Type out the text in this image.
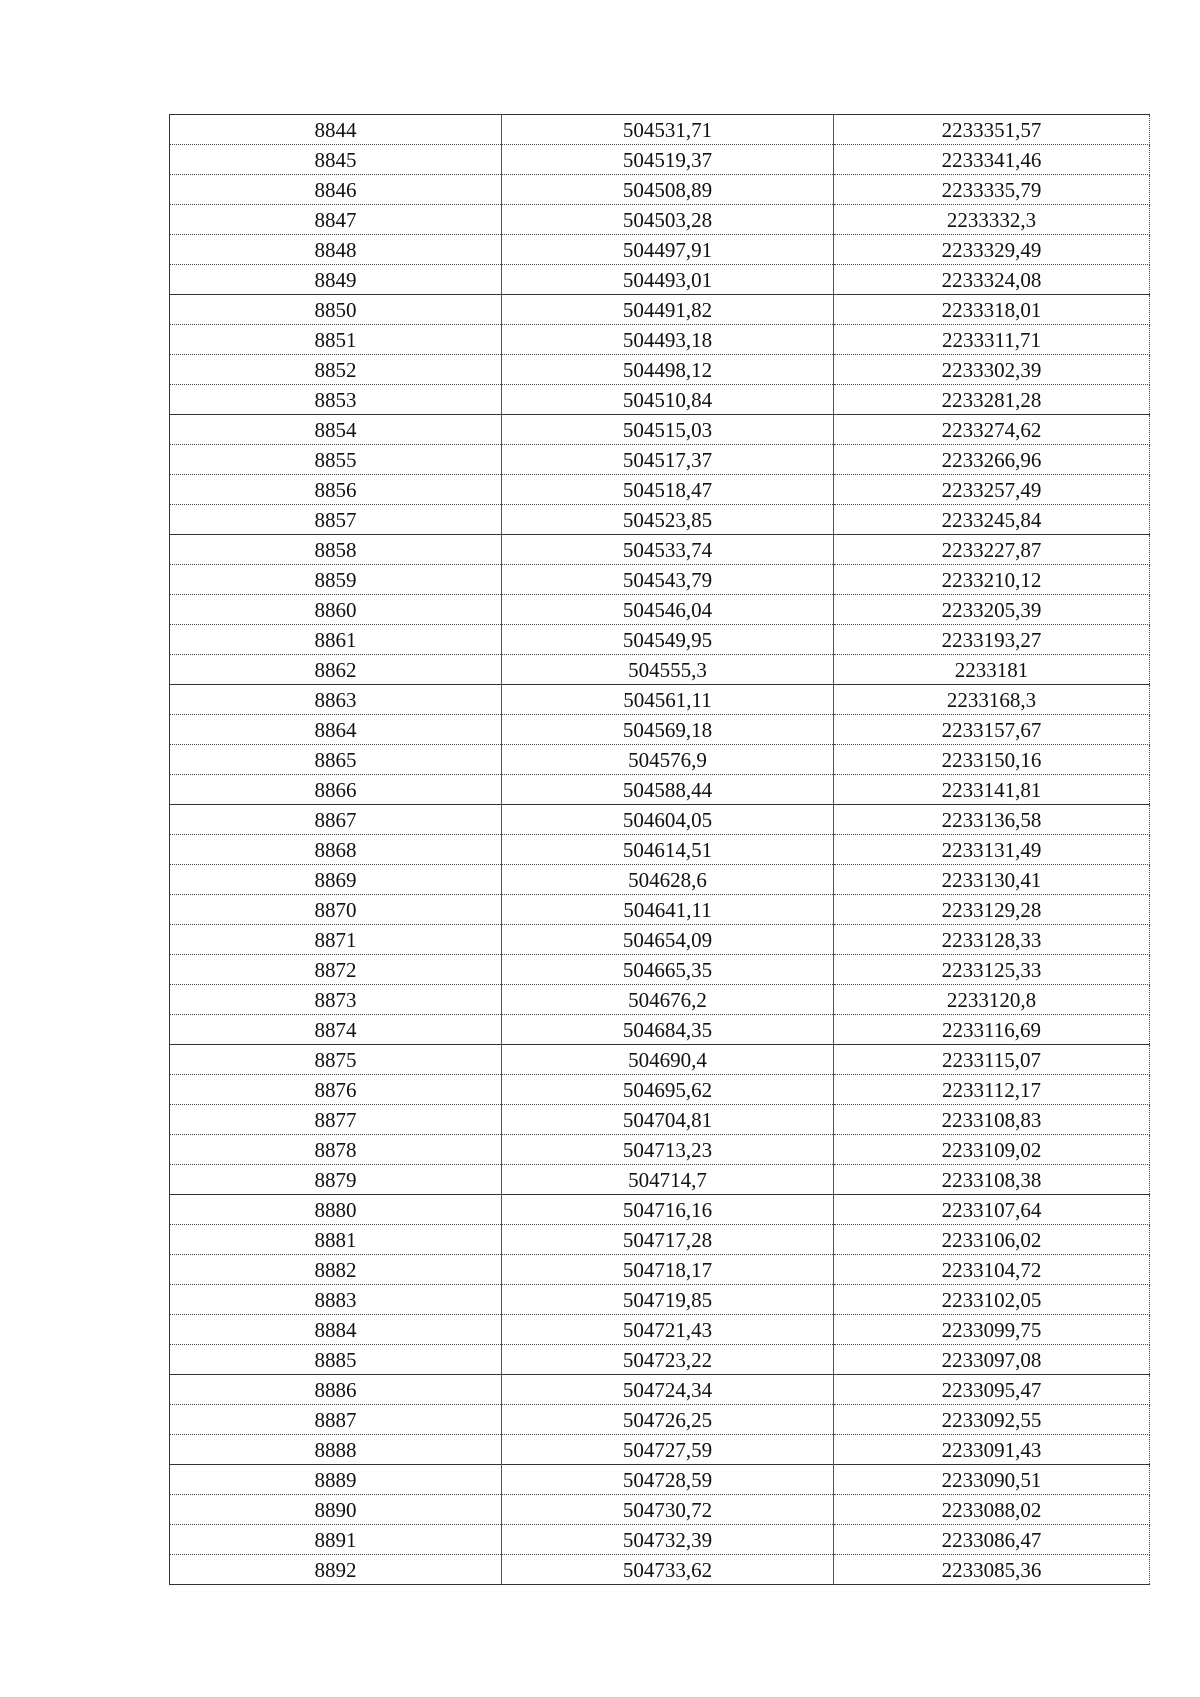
8844	504531,71	2233351,57
8845	504519,37	2233341,46
8846	504508,89	2233335,79
8847	504503,28	2233332,3
8848	504497,91	2233329,49
8849	504493,01	2233324,08
8850	504491,82	2233318,01
8851	504493,18	2233311,71
8852	504498,12	2233302,39
8853	504510,84	2233281,28
8854	504515,03	2233274,62
8855	504517,37	2233266,96
8856	504518,47	2233257,49
8857	504523,85	2233245,84
8858	504533,74	2233227,87
8859	504543,79	2233210,12
8860	504546,04	2233205,39
8861	504549,95	2233193,27
8862	504555,3	2233181
8863	504561,11	2233168,3
8864	504569,18	2233157,67
8865	504576,9	2233150,16
8866	504588,44	2233141,81
8867	504604,05	2233136,58
8868	504614,51	2233131,49
8869	504628,6	2233130,41
8870	504641,11	2233129,28
8871	504654,09	2233128,33
8872	504665,35	2233125,33
8873	504676,2	2233120,8
8874	504684,35	2233116,69
8875	504690,4	2233115,07
8876	504695,62	2233112,17
8877	504704,81	2233108,83
8878	504713,23	2233109,02
8879	504714,7	2233108,38
8880	504716,16	2233107,64
8881	504717,28	2233106,02
8882	504718,17	2233104,72
8883	504719,85	2233102,05
8884	504721,43	2233099,75
8885	504723,22	2233097,08
8886	504724,34	2233095,47
8887	504726,25	2233092,55
8888	504727,59	2233091,43
8889	504728,59	2233090,51
8890	504730,72	2233088,02
8891	504732,39	2233086,47
8892	504733,62	2233085,36
